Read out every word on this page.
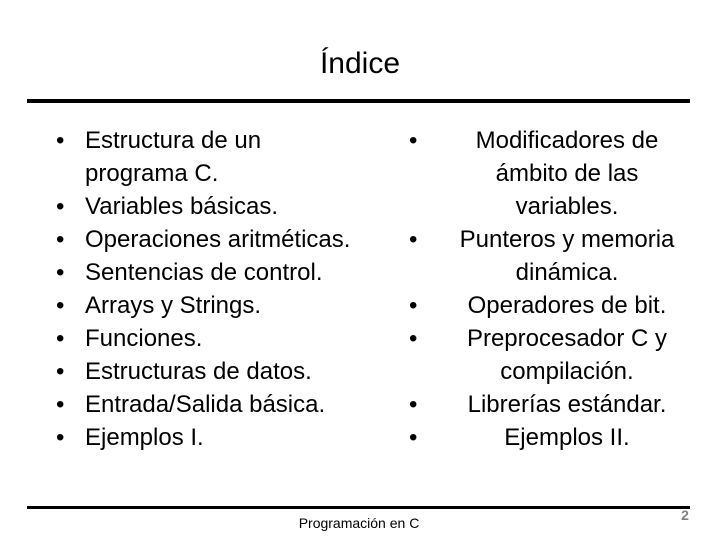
Índice
• Estructura de un programa C.
• Variables básicas.
• Operaciones aritméticas.
• Sentencias de control.
• Arrays y Strings.
• Funciones.
• Estructuras de datos.
• Entrada/Salida básica.
• Ejemplos I.
• Modificadores de ámbito de las variables.
• Punteros y memoria dinámica.
• Operadores de bit.
• Preprocesador C y compilación.
• Librerías estándar.
•	Ejemplos II.
Programación en C	2
